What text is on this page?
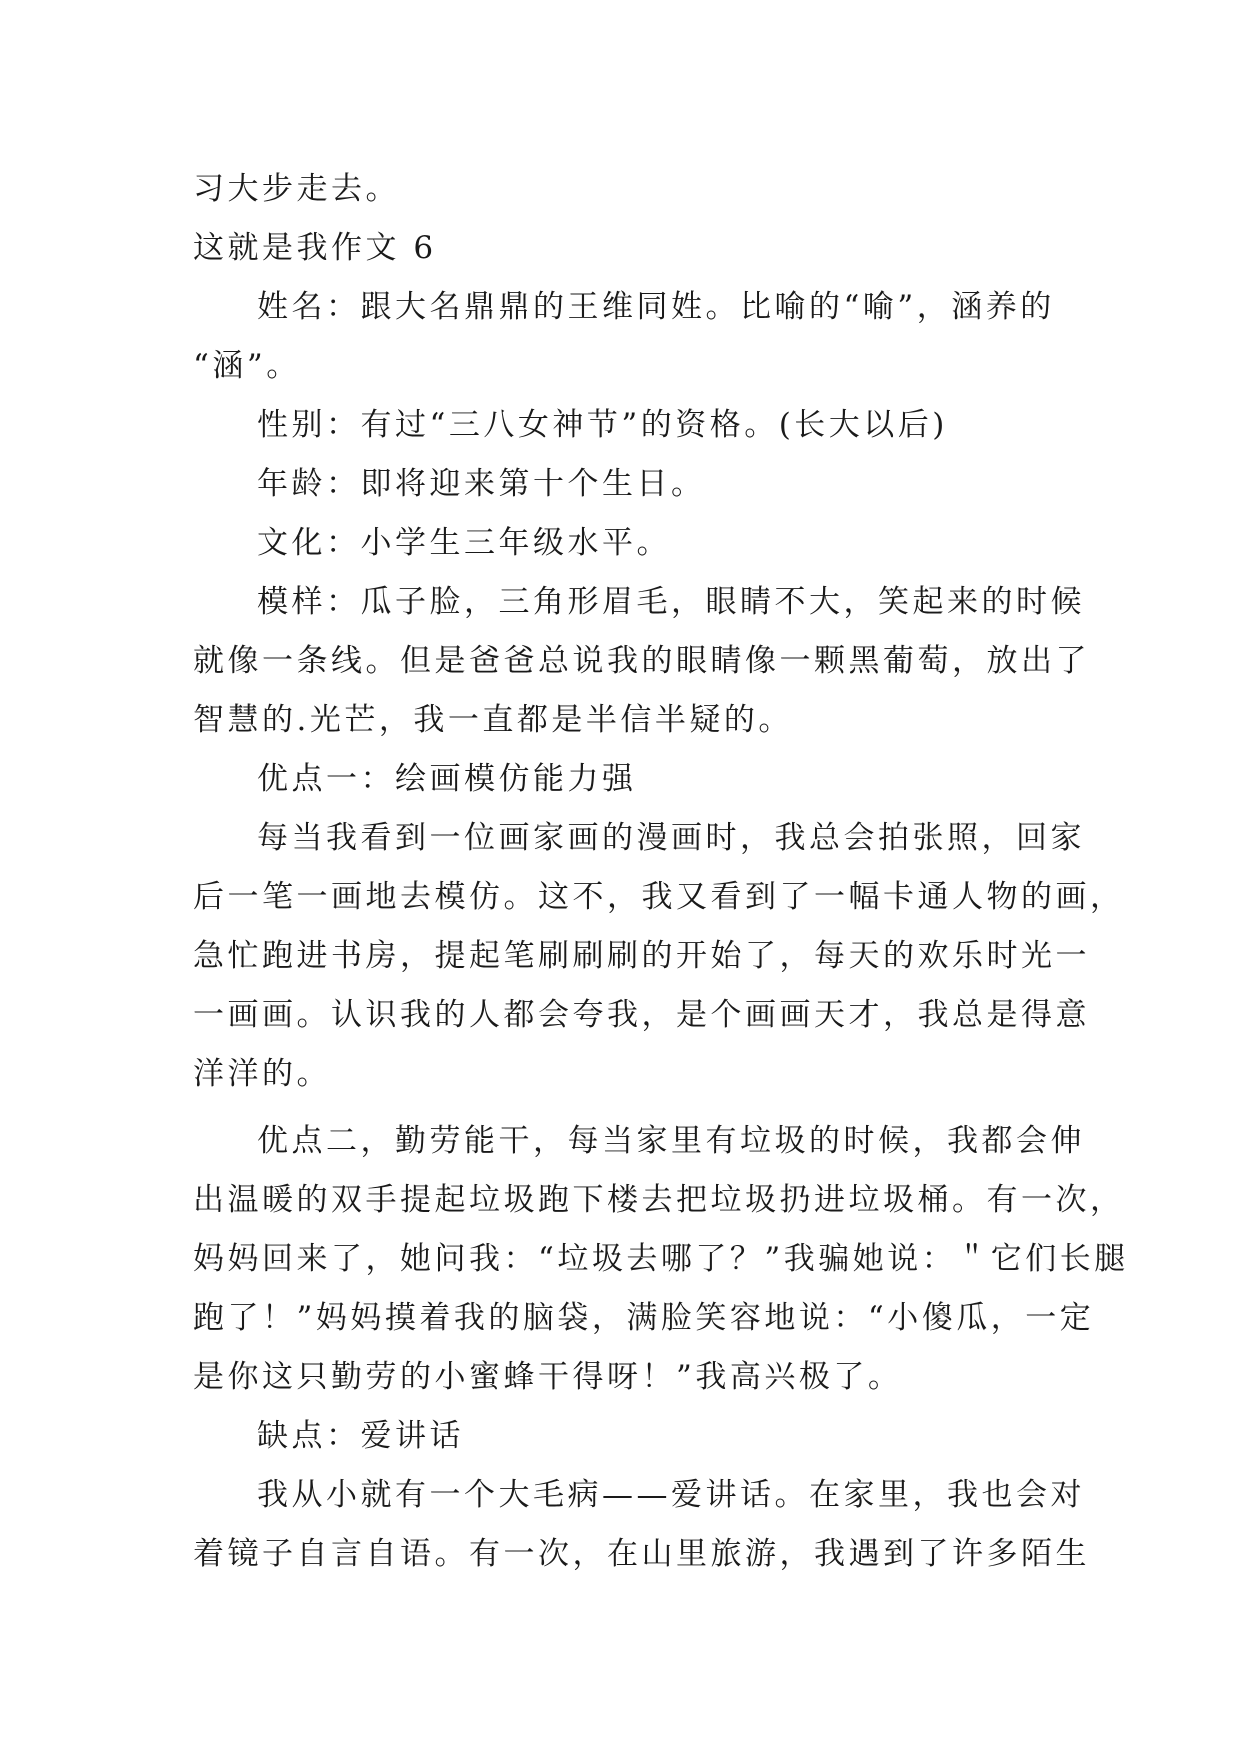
习大步走去。
这就是我作文 6
姓名：跟大名鼎鼎的王维同姓。比喻的“喻”，涵养的
“涵”。
性别：有过“三八女神节”的资格。(长大以后)
年龄：即将迎来第十个生日。
文化：小学生三年级水平。
模样：瓜子脸，三角形眉毛，眼睛不大，笑起来的时候
就像一条线。但是爸爸总说我的眼睛像一颗黑葡萄，放出了
智慧的.光芒，我一直都是半信半疑的。
优点一：绘画模仿能力强
每当我看到一位画家画的漫画时，我总会拍张照，回家
后一笔一画地去模仿。这不，我又看到了一幅卡通人物的画，
急忙跑进书房，提起笔刷刷刷的开始了，每天的欢乐时光一
一画画。认识我的人都会夸我，是个画画天才，我总是得意
洋洋的。
优点二，勤劳能干，每当家里有垃圾的时候，我都会伸
出温暖的双手提起垃圾跑下楼去把垃圾扔进垃圾桶。有一次，
妈妈回来了，她问我：“垃圾去哪了？”我骗她说：＂它们长腿
跑了！”妈妈摸着我的脑袋，满脸笑容地说：“小傻瓜，一定
是你这只勤劳的小蜜蜂干得呀！”我高兴极了。
缺点：爱讲话
我从小就有一个大毛病——爱讲话。在家里，我也会对
着镜子自言自语。有一次，在山里旅游，我遇到了许多陌生
